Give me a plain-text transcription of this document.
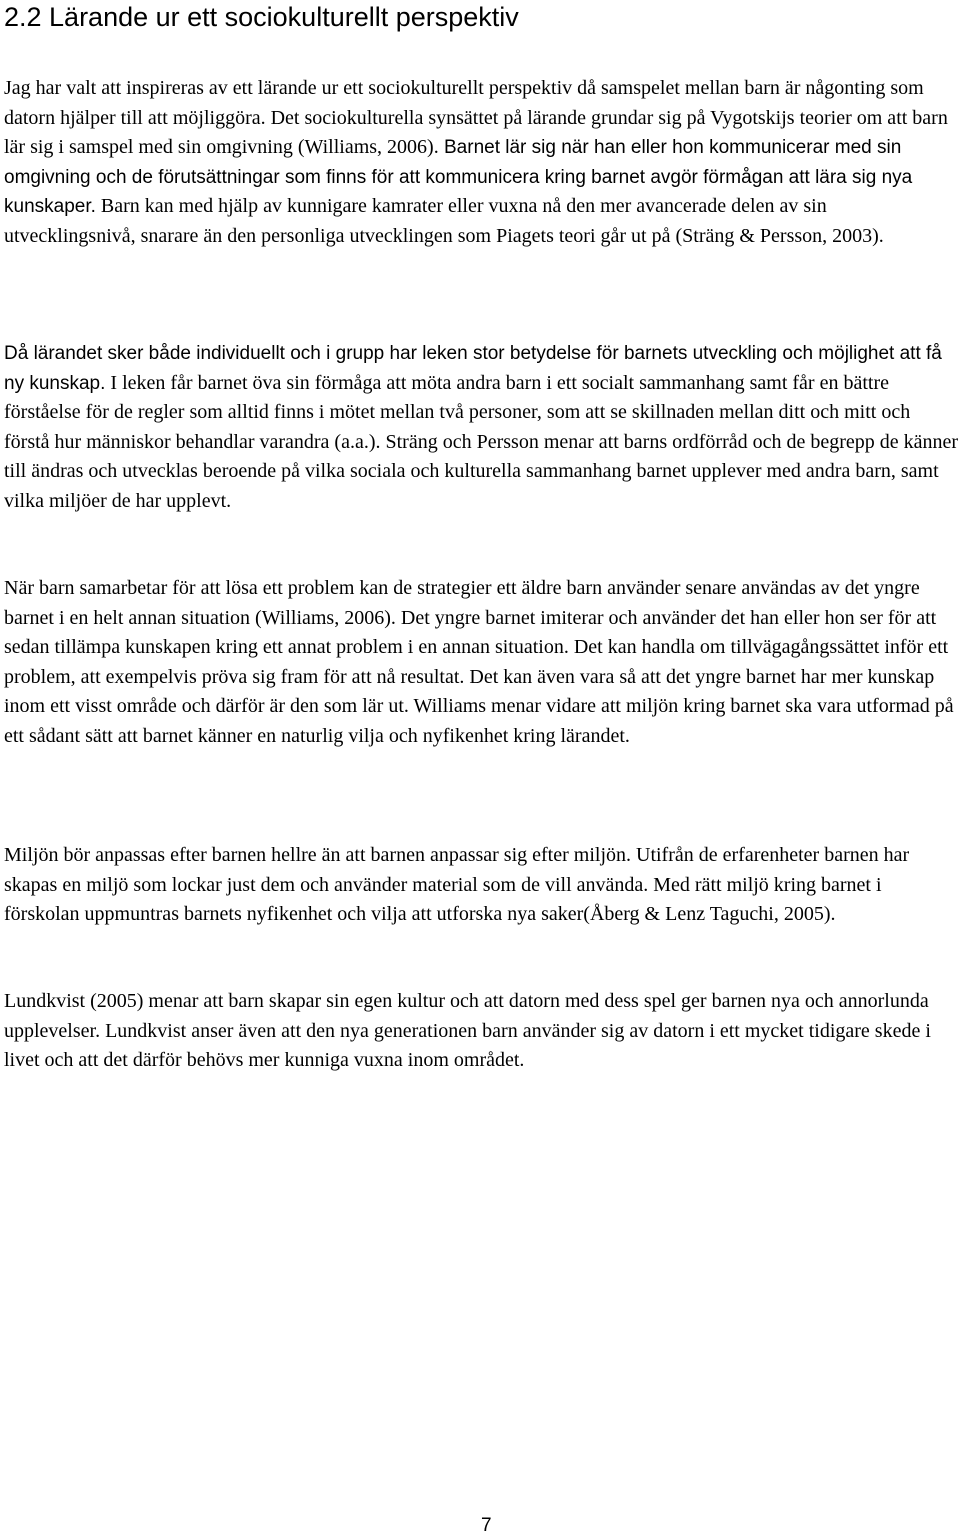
2.2 Lärande ur ett sociokulturellt perspektiv

Jag har valt att inspireras av ett lärande ur ett sociokulturellt perspektiv då samspelet mellan barn är någonting som datorn hjälper till att möjliggöra. Det sociokulturella synsättet på lärande grundar sig på Vygotskijs teorier om att barn lär sig i samspel med sin omgivning (Williams, 2006). Barnet lär sig när han eller hon kommunicerar med sin omgivning och de förutsättningar som finns för att kommunicera kring barnet avgör förmågan att lära sig nya kunskaper. Barn kan med hjälp av kunnigare kamrater eller vuxna nå den mer avancerade delen av sin utvecklingsnivå, snarare än den personliga utvecklingen som Piagets teori går ut på (Sträng & Persson, 2003).

Då lärandet sker både individuellt och i grupp har leken stor betydelse för barnets utveckling och möjlighet att få ny kunskap. I leken får barnet öva sin förmåga att möta andra barn i ett socialt sammanhang samt får en bättre förståelse för de regler som alltid finns i mötet mellan två personer, som att se skillnaden mellan ditt och mitt och förstå hur människor behandlar varandra (a.a.). Sträng och Persson menar att barns ordförråd och de begrepp de känner till ändras och utvecklas beroende på vilka sociala och kulturella sammanhang barnet upplever med andra barn, samt vilka miljöer de har upplevt.

När barn samarbetar för att lösa ett problem kan de strategier ett äldre barn använder senare användas av det yngre barnet i en helt annan situation (Williams, 2006). Det yngre barnet imiterar och använder det han eller hon ser för att sedan tillämpa kunskapen kring ett annat problem i en annan situation. Det kan handla om tillvägagångssättet inför ett problem, att exempelvis pröva sig fram för att nå resultat. Det kan även vara så att det yngre barnet har mer kunskap inom ett visst område och därför är den som lär ut. Williams menar vidare att miljön kring barnet ska vara utformad på ett sådant sätt att barnet känner en naturlig vilja och nyfikenhet kring lärandet.

Miljön bör anpassas efter barnen hellre än att barnen anpassar sig efter miljön. Utifrån de erfarenheter barnen har skapas en miljö som lockar just dem och använder material som de vill använda. Med rätt miljö kring barnet i förskolan uppmuntras barnets nyfikenhet och vilja att utforska nya saker(Åberg & Lenz Taguchi, 2005).

Lundkvist (2005) menar att barn skapar sin egen kultur och att datorn med dess spel ger barnen nya och annorlunda upplevelser. Lundkvist anser även att den nya generationen barn använder sig av datorn i ett mycket tidigare skede i livet och att det därför behövs mer kunniga vuxna inom området.

7
